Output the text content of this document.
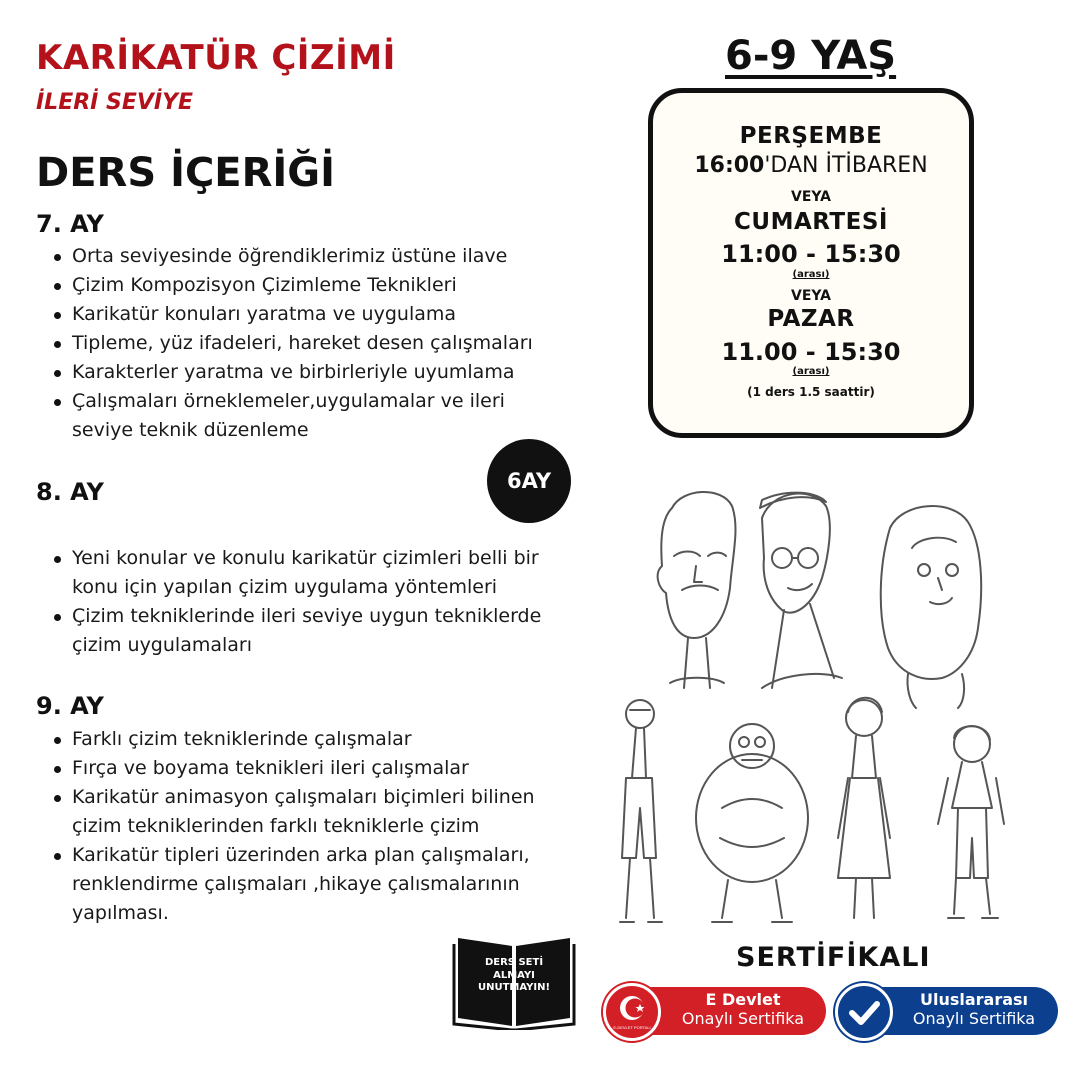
KARİKATÜR ÇİZİMİ
İLERİ SEVİYE
DERS İÇERİĞİ
7. AY
Orta seviyesinde öğrendiklerimiz üstüne ilave
Çizim Kompozisyon Çizimleme Teknikleri
Karikatür konuları yaratma ve uygulama
Tipleme, yüz ifadeleri, hareket desen çalışmaları
Karakterler yaratma ve birbirleriyle uyumlama
Çalışmaları örneklemeler,uygulamalar ve ileri seviye teknik düzenleme
8. AY	6AY
Yeni konular ve konulu karikatür çizimleri belli bir konu için yapılan çizim uygulama yöntemleri
Çizim tekniklerinde ileri seviye uygun tekniklerde çizim uygulamaları
9. AY
Farklı çizim tekniklerinde çalışmalar
Fırça ve boyama teknikleri ileri çalışmalar
Karikatür animasyon çalışmaları biçimleri bilinen çizim tekniklerinden farklı tekniklerle çizim
Karikatür tipleri üzerinden arka plan çalışmaları, renklendirme çalışmaları ,hikaye çalısmalarının yapılması.
6-9 YAŞ
PERŞEMBE
16:00'DAN İTİBAREN
VEYA
CUMARTESİ
11:00 - 15:30
(arası)
VEYA
PAZAR
11.00 - 15:30
(arası)
(1 ders 1.5 saattir)
DERS SETİ
ALMAYI
UNUTMAYIN!
SERTİFİKALI
E Devlet
Onaylı Sertifika
E-DEVLET PORTALI
Uluslararası
Onaylı Sertifika
